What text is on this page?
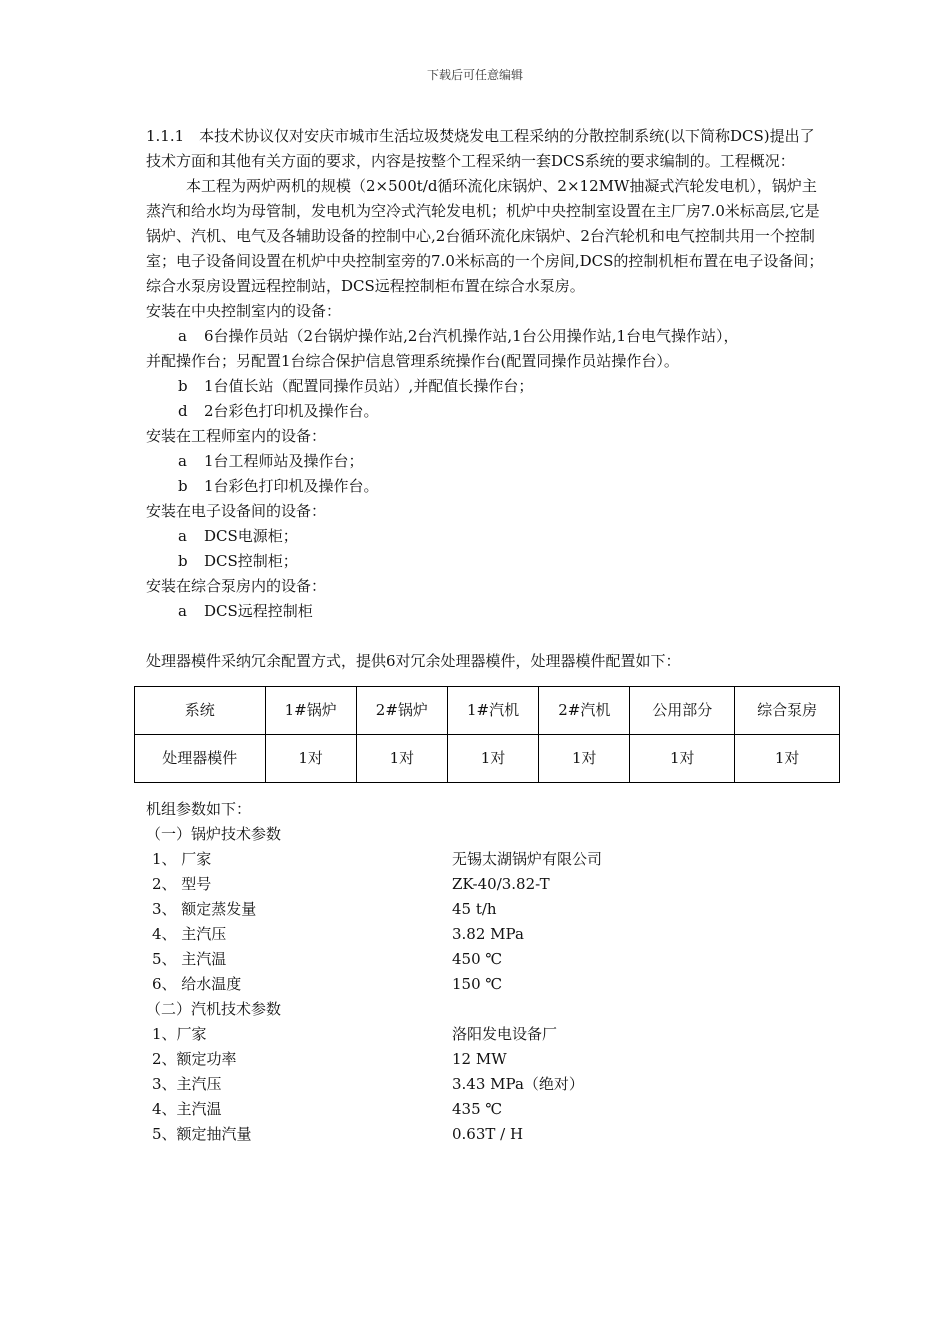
下载后可任意编辑

1.1.1　本技术协议仅对安庆市城市生活垃圾焚烧发电工程采纳的分散控制系统(以下简称DCS)提出了技术方面和其他有关方面的要求，内容是按整个工程采纳一套DCS系统的要求编制的。工程概况：

本工程为两炉两机的规模（2×500t/d循环流化床锅炉、2×12MW抽凝式汽轮发电机），锅炉主蒸汽和给水均为母管制，发电机为空冷式汽轮发电机；机炉中央控制室设置在主厂房7.0米标高层,它是锅炉、汽机、电气及各辅助设备的控制中心,2台循环流化床锅炉、2台汽轮机和电气控制共用一个控制室；电子设备间设置在机炉中央控制室旁的7.0米标高的一个房间,DCS的控制机柜布置在电子设备间；综合水泵房设置远程控制站，DCS远程控制柜布置在综合水泵房。

安装在中央控制室内的设备：

a 6台操作员站（2台锅炉操作站,2台汽机操作站,1台公用操作站,1台电气操作站），

并配操作台；另配置1台综合保护信息管理系统操作台(配置同操作员站操作台）。

b 1台值长站（配置同操作员站）,并配值长操作台；

d 2台彩色打印机及操作台。

安装在工程师室内的设备：

a 1台工程师站及操作台；

b 1台彩色打印机及操作台。

安装在电子设备间的设备：

a DCS电源柜；

b DCS控制柜；

安装在综合泵房内的设备：

a DCS远程控制柜

处理器模件采纳冗余配置方式，提供6对冗余处理器模件，处理器模件配置如下：

系统	1#锅炉	2#锅炉	1#汽机	2#汽机	公用部分	综合泵房
处理器模件	1对	1对	1对	1对	1对	1对

机组参数如下：

（一）锅炉技术参数

1、 厂家	无锡太湖锅炉有限公司
2、 型号	ZK-40/3.82-T
3、 额定蒸发量	45 t/h
4、 主汽压	3.82 MPa
5、 主汽温	450 ℃
6、 给水温度	150 ℃

（二）汽机技术参数

1、厂家	洛阳发电设备厂
2、额定功率	12 MW
3、主汽压	3.43 MPa（绝对）
4、主汽温	435 ℃
5、额定抽汽量	0.63T / H
